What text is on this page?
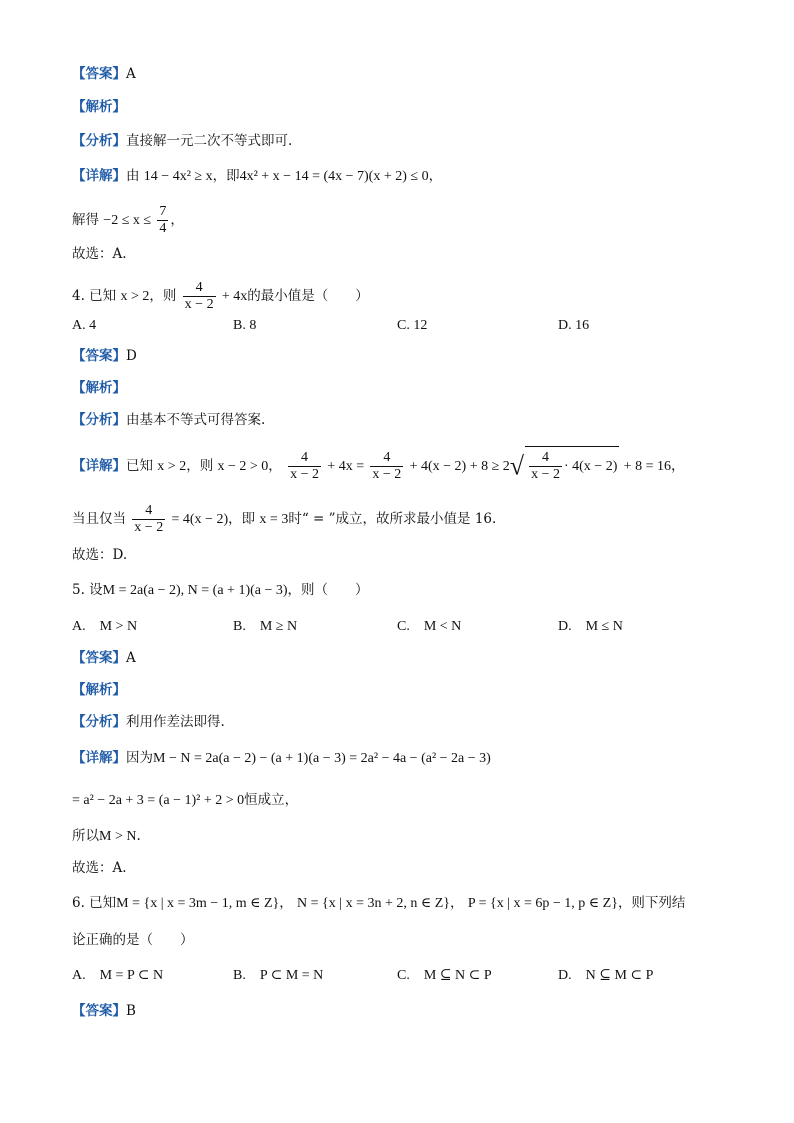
【答案】A
【解析】
【分析】直接解一元二次不等式即可.
【详解】由 14 − 4x² ≥ x，即4x² + x − 14 = (4x − 7)(x + 2) ≤ 0，
解得 $-2 \le x \le \frac{7}{4}$ ，
故选：A.
4. 已知 x > 2，则 $\frac{4}{x - 2} + 4x$的最小值是（　　）
A. 4	B. 8	C. 12	D. 16
【答案】D
【解析】
【分析】由基本不等式可得答案.
【详解】已知 x > 2，则 x − 2 > 0， $\frac{4}{x - 2} + 4x = \frac{4}{x - 2} + 4(x - 2) + 8 \ge 2√ \frac{4}{x - 2} \cdot 4(x - 2) + 8 = 16$，
当且仅当 $\frac{4}{x - 2} = 4(x - 2)$，即 x = 3时“ = ”成立，故所求最小值是 16.
故选：D.
5. 设M = 2a(a − 2), N = (a + 1)(a − 3)，则（　　）
A.　M > N	B.　M ≥ N	C.　M < N	D.　M ≤ N
【答案】A
【解析】
【分析】利用作差法即得.
【详解】因为M − N = 2a(a − 2) − (a + 1)(a − 3) = 2a² − 4a − (a² − 2a − 3)
= a² − 2a + 3 = (a − 1)² + 2 > 0恒成立，
所以M > N.
故选：A.
6. 已知M = {x | x = 3m − 1, m ∈ Z}， N = {x | x = 3n + 2, n ∈ Z}， P = {x | x = 6p − 1, p ∈ Z}，则下列结
论正确的是（　　）
A.　M = P ⊂ N	B.　P ⊂ M = N	C.　M ⊆ N ⊂ P	D.　N ⊆ M ⊂ P
【答案】B
